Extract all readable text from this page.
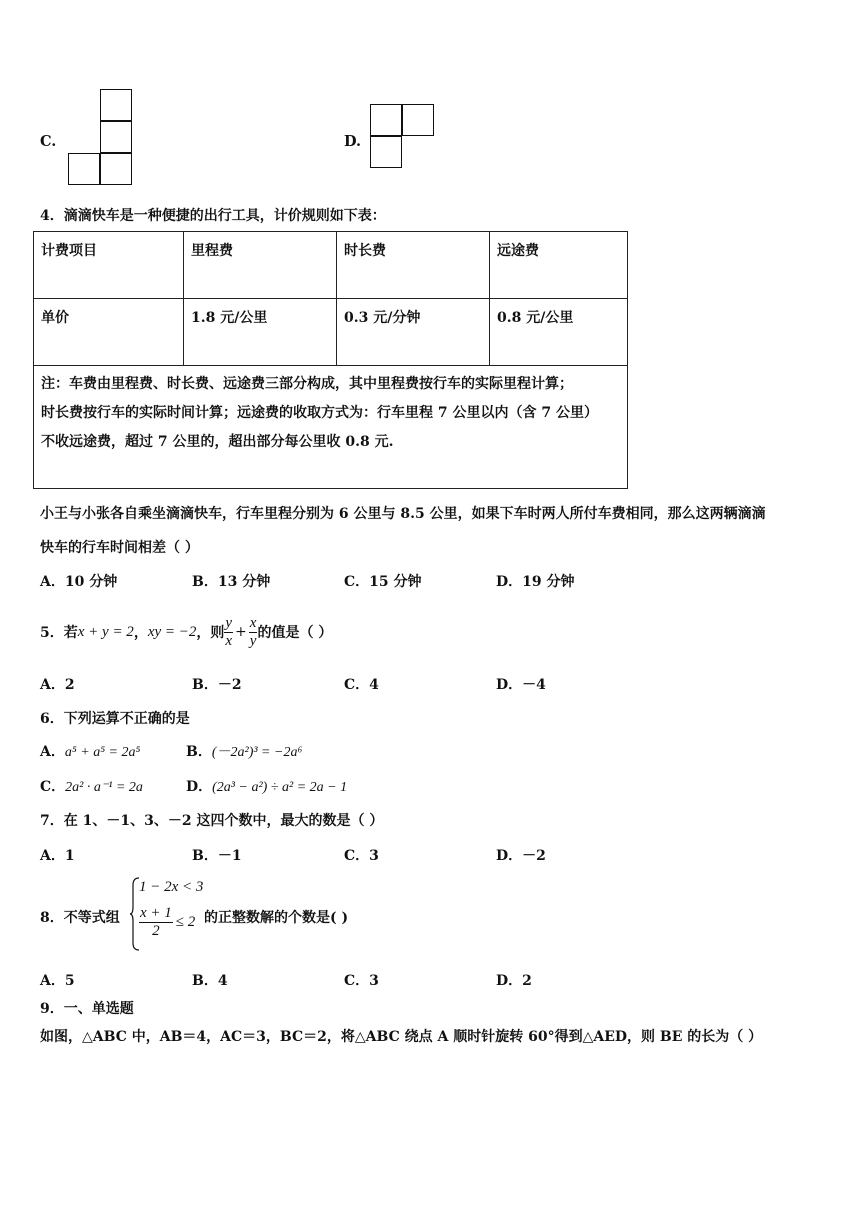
C.	D.
4．滴滴快车是一种便捷的出行工具，计价规则如下表：
计费项目	里程费	时长费	远途费
单价	1.8 元/公里	0.3 元/分钟	0.8 元/公里

注：车费由里程费、时长费、远途费三部分构成，其中里程费按行车的实际里程计算；
时长费按行车的实际时间计算；远途费的收取方式为：行车里程 7 公里以内（含 7 公里）
不收远途费，超过 7 公里的，超出部分每公里收 0.8 元.			
小王与小张各自乘坐滴滴快车，行车里程分别为 6 公里与 8.5 公里，如果下车时两人所付车费相同，那么这两辆滴滴
快车的行车时间相差（ ）
A．10 分钟	B．13 分钟	C．15 分钟	D．19 分钟
5．若 x + y = 2 ， xy = −2 ，则 $\frac{y}{x} + \frac{x}{y}$ 的值是（ ）
A．2	B．－2	C．4	D．－4
6．下列运算不正确的是
A．a⁵ + a⁵ = 2a⁵	B．(－2a²)³ = −2a⁶
C．2a² · a⁻¹ = 2a	D．(2a³ − a²) ÷ a² = 2a − 1
7．在 1、－1、3、－2 这四个数中，最大的数是（ ）
A．1	B．－1	C．3	D．－2
8．不等式组
1 − 2x < 3
$\frac{x + 1}{2} \le 2$ 的正整数解的个数是( )
A．5	B．4	C．3	D．2
9．一、单选题
如图，△ABC 中，AB＝4，AC＝3，BC＝2，将△ABC 绕点 A 顺时针旋转 60°得到△AED，则 BE 的长为（ ）
